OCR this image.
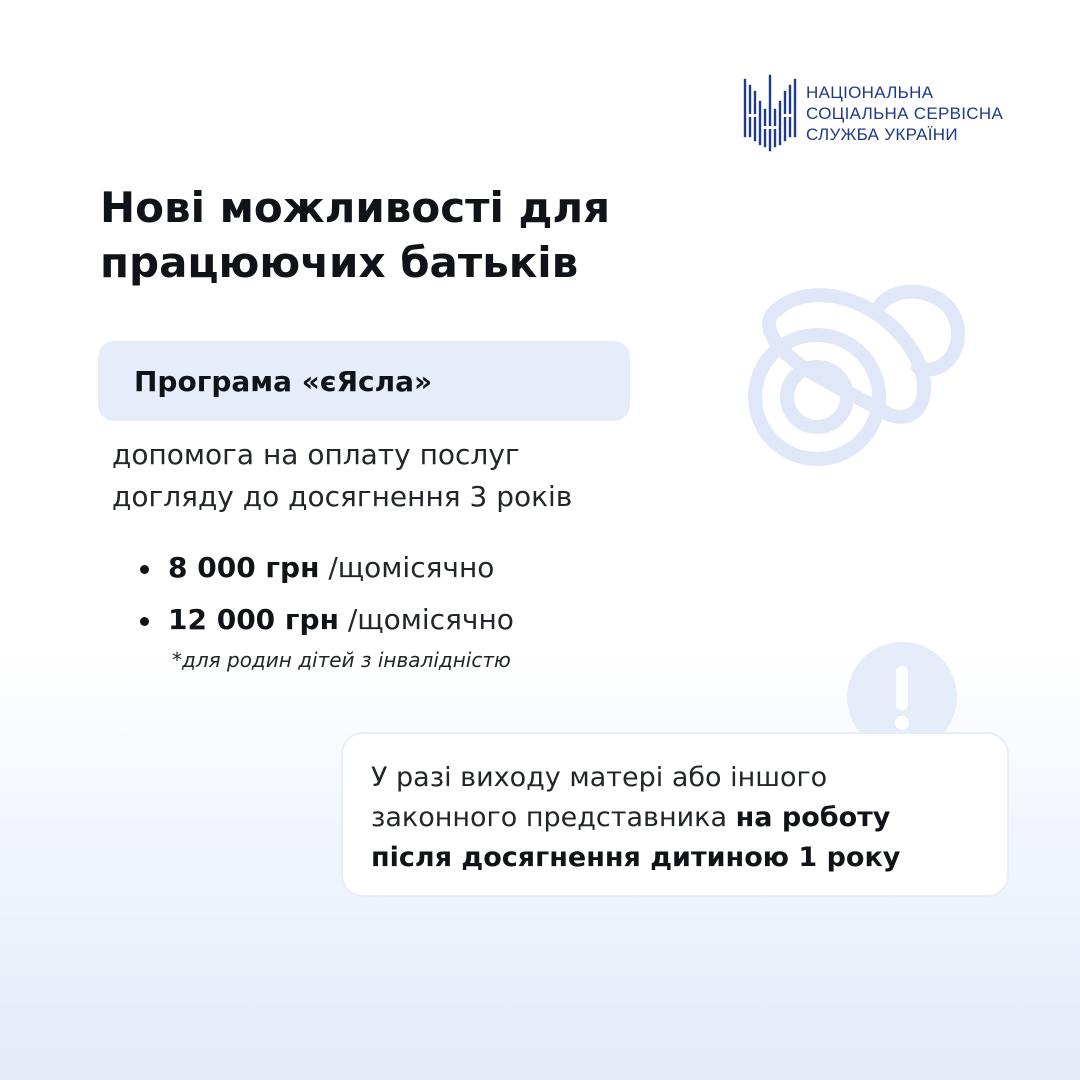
НАЦІОНАЛЬНА
СОЦІАЛЬНА СЕРВІСНА
СЛУЖБА УКРАЇНИ
Нові можливості для
працюючих батьків
Програма «єЯсла»
допомога на оплату послуг
догляду до досягнення 3 років
8 000 грн /щомісячно
12 000 грн /щомісячно
*для родин дітей з інвалідністю
У разі виходу матері або іншого
законного представника на роботу
після досягнення дитиною 1 року
